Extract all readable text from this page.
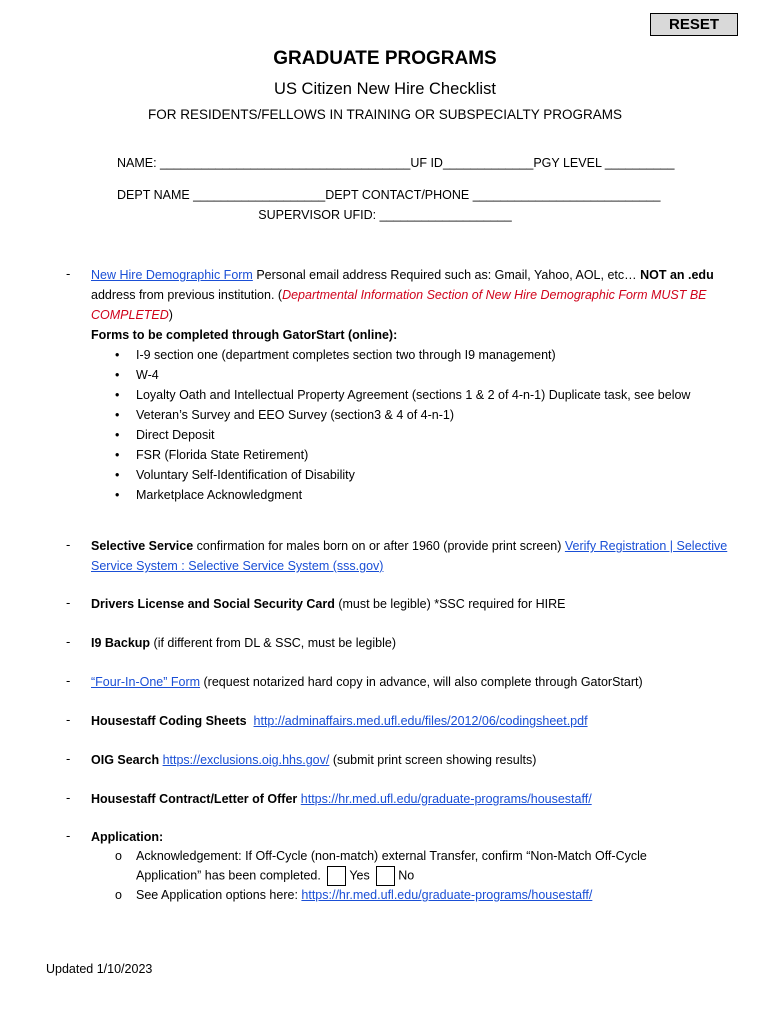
RESET
GRADUATE PROGRAMS
US Citizen New Hire Checklist
FOR RESIDENTS/FELLOWS IN TRAINING OR SUBSPECIALTY PROGRAMS
NAME: ____________________________________UF ID_____________PGY LEVEL __________
DEPT NAME ___________________DEPT CONTACT/PHONE ___________________________
SUPERVISOR UFID: ___________________
- New Hire Demographic Form Personal email address Required such as: Gmail, Yahoo, AOL, etc… NOT an .edu
address from previous institution. (Departmental Information Section of New Hire Demographic Form MUST BE COMPLETED)
Forms to be completed through GatorStart (online):
• I-9 section one (department completes section two through I9 management)
• W-4
• Loyalty Oath and Intellectual Property Agreement (sections 1 & 2 of 4-n-1) Duplicate task, see below
• Veteran’s Survey and EEO Survey (section3 & 4 of 4-n-1)
• Direct Deposit
• FSR (Florida State Retirement)
• Voluntary Self-Identification of Disability
• Marketplace Acknowledgment
- Selective Service confirmation for males born on or after 1960 (provide print screen) Verify Registration | Selective Service System : Selective Service System (sss.gov)
- Drivers License and Social Security Card (must be legible) *SSC required for HIRE
- I9 Backup (if different from DL & SSC, must be legible)
- “Four-In-One” Form (request notarized hard copy in advance, will also complete through GatorStart)
- Housestaff Coding Sheets http://adminaffairs.med.ufl.edu/files/2012/06/codingsheet.pdf
- OIG Search https://exclusions.oig.hhs.gov/ (submit print screen showing results)
- Housestaff Contract/Letter of Offer https://hr.med.ufl.edu/graduate-programs/housestaff/
- Application:
o Acknowledgement: If Off-Cycle (non-match) external Transfer, confirm “Non-Match Off-Cycle
Application” has been completed. Yes No
o See Application options here: https://hr.med.ufl.edu/graduate-programs/housestaff/
Updated 1/10/2023
